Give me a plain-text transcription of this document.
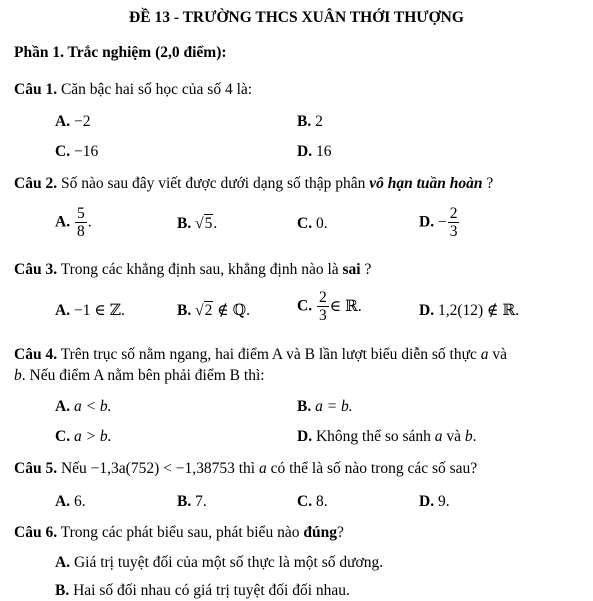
ĐỀ 13 - TRƯỜNG THCS XUÂN THỚI THƯỢNG
Phần 1. Trắc nghiệm (2,0 điểm):
Câu 1. Căn bậc hai số học của số 4 là:
A. −2	B. 2
C. −16	D. 16
Câu 2. Số nào sau đây viết được dưới dạng số thập phân vô hạn tuần hoàn ?
A. $\frac{5}{8}$ .	B. √5.	C. 0.	D. − $\frac{2}{3}$
Câu 3. Trong các khẳng định sau, khẳng định nào là sai ?
A. −1 ∈ ℤ.	B. √2 ∉ ℚ.	C. $\frac{2}{3}$ ∈ ℝ.	D. 1,2(12) ∉ ℝ.
Câu 4. Trên trục số nằm ngang, hai điểm A và B lần lượt biểu diễn số thực a và
b. Nếu điểm A nằm bên phải điểm B thì:
A. a < b.	B. a = b.
C. a > b.	D. Không thể so sánh a và b.
Câu 5. Nếu −1,3a(752) < −1,38753 thì a có thể là số nào trong các số sau?
A. 6.	B. 7.	C. 8.	D. 9.
Câu 6. Trong các phát biểu sau, phát biểu nào đúng?
A. Giá trị tuyệt đối của một số thực là một số dương.
B. Hai số đối nhau có giá trị tuyệt đối đối nhau.
